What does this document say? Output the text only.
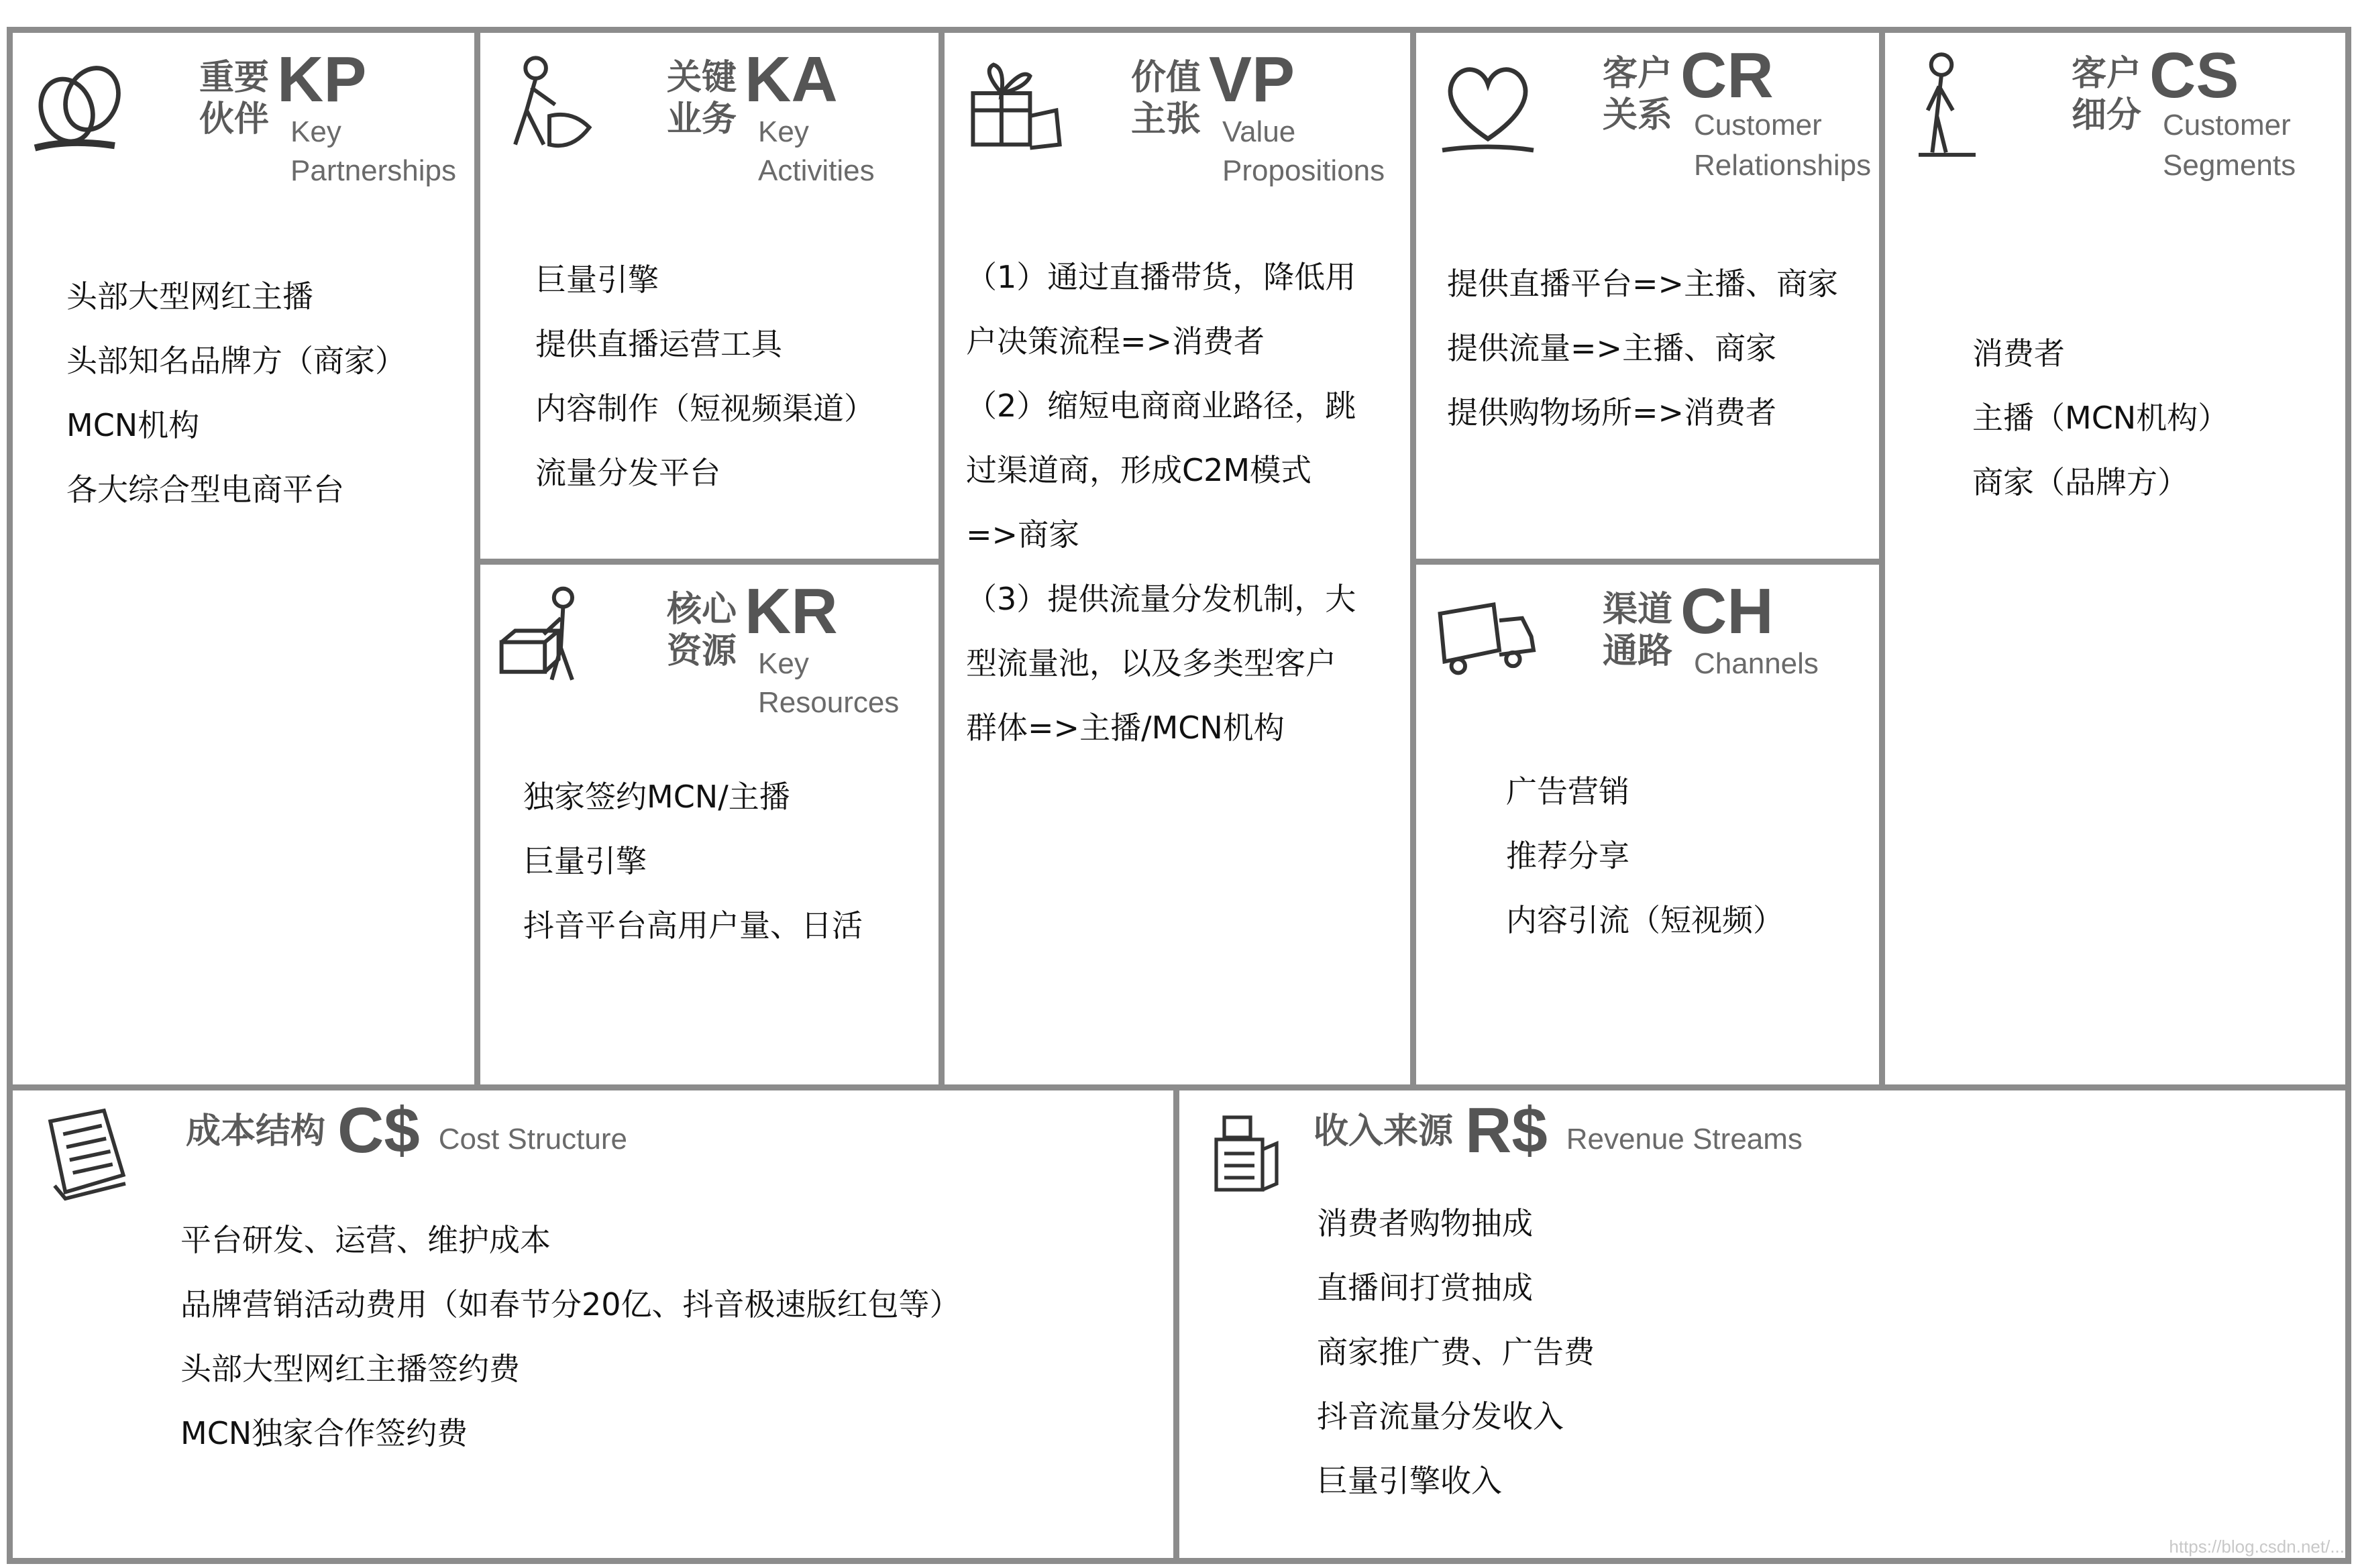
重要
伙伴
KP
Key
Partnerships
头部大型网红主播
头部知名品牌方（商家）
MCN机构
各大综合型电商平台
关键
业务
KA
Key
Activities
巨量引擎
提供直播运营工具
内容制作（短视频渠道）
流量分发平台
核心
资源
KR
Key
Resources
独家签约MCN/主播
巨量引擎
抖音平台高用户量、日活
价值
主张
VP
Value
Propositions
（1）通过直播带货，降低用
户决策流程=>消费者
（2）缩短电商商业路径，跳
过渠道商，形成C2M模式
=>商家
（3）提供流量分发机制，大
型流量池，以及多类型客户
群体=>主播/MCN机构
客户
关系
CR
Customer
Relationships
提供直播平台=>主播、商家
提供流量=>主播、商家
提供购物场所=>消费者
渠道
通路
CH
Channels
广告营销
推荐分享
内容引流（短视频）
客户
细分
CS
Customer
Segments
消费者
主播（MCN机构）
商家（品牌方）
成本结构 C$ Cost Structure
平台研发、运营、维护成本
品牌营销活动费用（如春节分20亿、抖音极速版红包等）
头部大型网红主播签约费
MCN独家合作签约费
收入来源 R$ Revenue Streams
消费者购物抽成
直播间打赏抽成
商家推广费、广告费
抖音流量分发收入
巨量引擎收入
https://blog.csdn.net/...
